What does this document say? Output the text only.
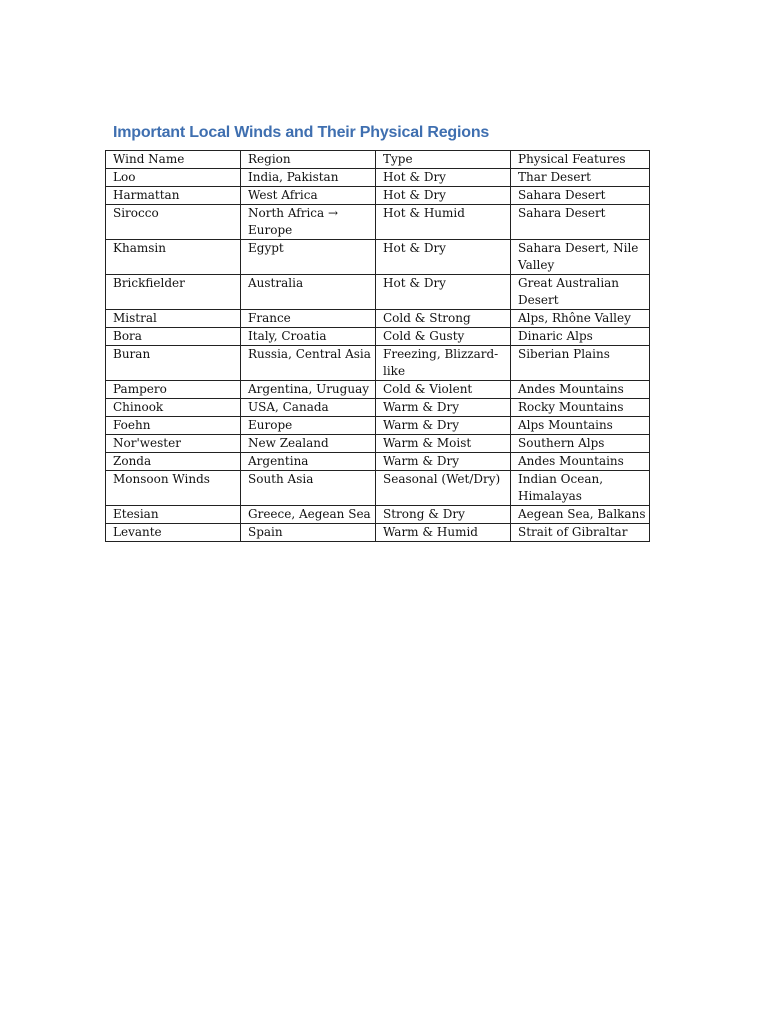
Important Local Winds and Their Physical Regions
Wind Name	Region	Type	Physical Features
Loo	India, Pakistan	Hot & Dry	Thar Desert
Harmattan	West Africa	Hot & Dry	Sahara Desert
Sirocco	North Africa → Europe	Hot & Humid	Sahara Desert
Khamsin	Egypt	Hot & Dry	Sahara Desert, Nile Valley
Brickfielder	Australia	Hot & Dry	Great Australian Desert
Mistral	France	Cold & Strong	Alps, Rhône Valley
Bora	Italy, Croatia	Cold & Gusty	Dinaric Alps
Buran	Russia, Central Asia	Freezing, Blizzard-like	Siberian Plains
Pampero	Argentina, Uruguay	Cold & Violent	Andes Mountains
Chinook	USA, Canada	Warm & Dry	Rocky Mountains
Foehn	Europe	Warm & Dry	Alps Mountains
Nor'wester	New Zealand	Warm & Moist	Southern Alps
Zonda	Argentina	Warm & Dry	Andes Mountains
Monsoon Winds	South Asia	Seasonal (Wet/Dry)	Indian Ocean, Himalayas
Etesian	Greece, Aegean Sea	Strong & Dry	Aegean Sea, Balkans
Levante	Spain	Warm & Humid	Strait of Gibraltar
